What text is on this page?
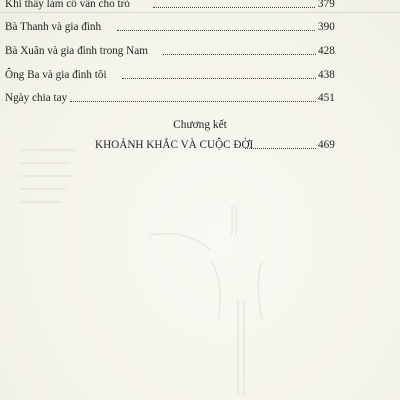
Khi thầy làm cố vấn cho trò	379
Bà Thanh và gia đình	390
Bà Xuân và gia đình trong Nam	428
Ông Ba và gia đình tôi	438
Ngày chia tay	451
Chương kết
KHOẢNH KHẮC VÀ CUỘC ĐỜI	469
